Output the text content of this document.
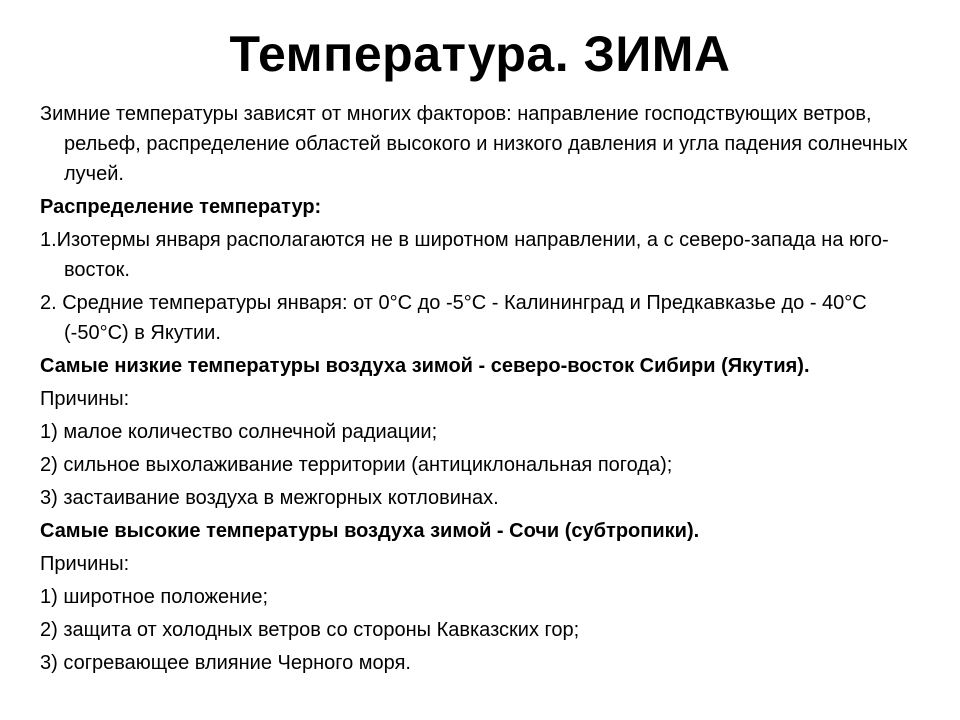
Температура. ЗИМА

Зимние температуры зависят от многих факторов: направление господствующих ветров, рельеф, распределение областей высокого и низкого давления и угла падения солнечных лучей.

Распределение температур:

1.Изотермы января располагаются не в широтном направлении, а с северо-запада на юго-восток.

2. Средние температуры января: от 0°С до -5°С - Калининград и Предкавказье до - 40°С (-50°С) в Якутии.

Самые низкие температуры воздуха зимой - северо-восток Сибири (Якутия).

Причины:

1) малое количество солнечной радиации;

2) сильное выхолаживание территории (антициклональная погода);

3) застаивание воздуха в межгорных котловинах.

Самые высокие температуры воздуха зимой - Сочи (субтропики).

Причины:

1) широтное положение;

2) защита от холодных ветров со стороны Кавказских гор;

3) согревающее влияние Черного моря.
